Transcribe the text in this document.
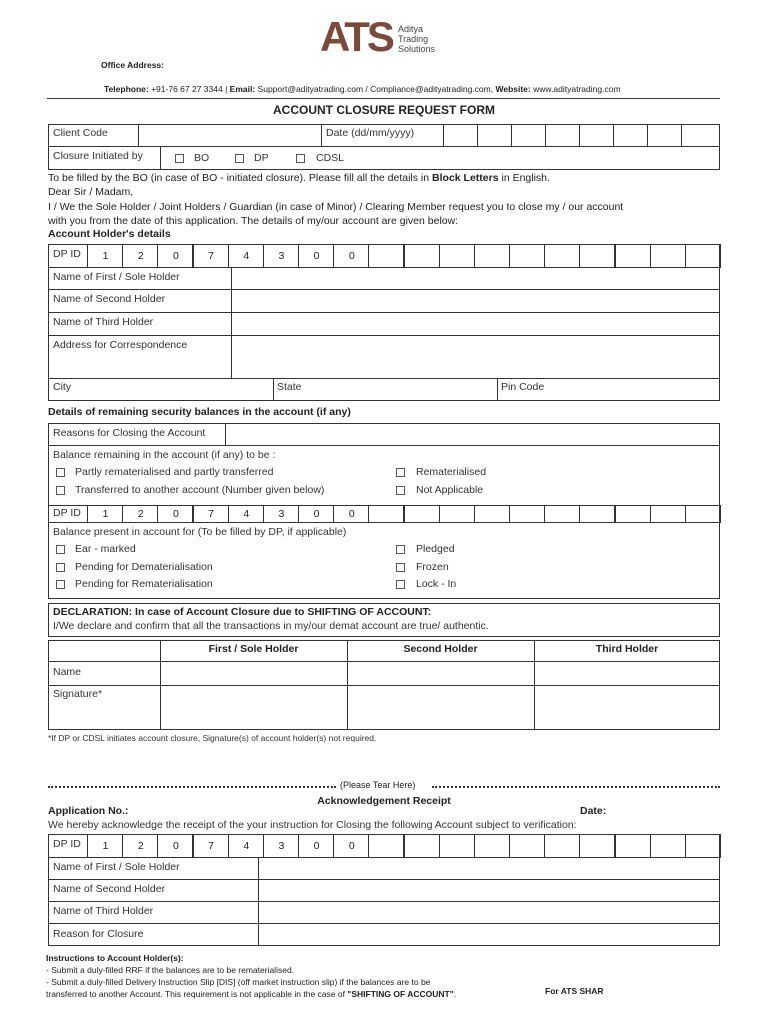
ATS Aditya
Trading
Solutions
Office Address:
Telephone: +91-76 67 27 3344 | Email: Support@adityatrading.com / Compliance@adityatrading.com, Website: www.adityatrading.com
ACCOUNT CLOSURE REQUEST FORM
Client Code	Date (dd/mm/yyyy)
Closure Initiated by	BO	DP	CDSL
To be filled by the BO (in case of BO - initiated closure). Please fill all the details in Block Letters in English.
Dear Sir / Madam,
I / We the Sole Holder / Joint Holders / Guardian (in case of Minor) / Clearing Member request you to close my / our account
with you from the date of this application. The details of my/our account are given below:
Account Holder's details
DP ID	1	2	0	7	4	3	0	0
Name of First / Sole Holder
Name of Second Holder
Name of Third Holder
Address for Correspondence
City	State	Pin Code
Details of remaining security balances in the account (if any)
Reasons for Closing the Account
Balance remaining in the account (if any) to be :
Partly rematerialised and partly transferred
Transferred to another account (Number given below)
Rematerialised
Not Applicable
DP ID	1	2	0	7	4	3	0	0
Balance present in account for (To be filled by DP, if applicable)
Ear - marked
Pending for Dematerialisation
Pending for Rematerialisation
Pledged
Frozen
Lock - In
DECLARATION: In case of Account Closure due to SHIFTING OF ACCOUNT:
I/We declare and confirm that all the transactions in my/our demat account are true/ authentic.
First / Sole Holder	Second Holder	Third Holder
Name
Signature*
*If DP or CDSL initiates account closure, Signature(s) of account holder(s) not required.
(Please Tear Here)
Acknowledgement Receipt
Application No.:	Date:
We hereby acknowledge the receipt of the your instruction for Closing the following Account subject to verification:
DP ID	1	2	0	7	4	3	0	0
Name of First / Sole Holder
Name of Second Holder
Name of Third Holder
Reason for Closure
Instructions to Account Holder(s):
- Submit a duly-filled RRF if the balances are to be rematerialised.
- Submit a duly-filled Delivery Instruction Slip [DIS] (off market instruction slip) if the balances are to be
transferred to another Account. This requirement is not applicable in the case of "SHIFTING OF ACCOUNT".	For ATS SHAR
